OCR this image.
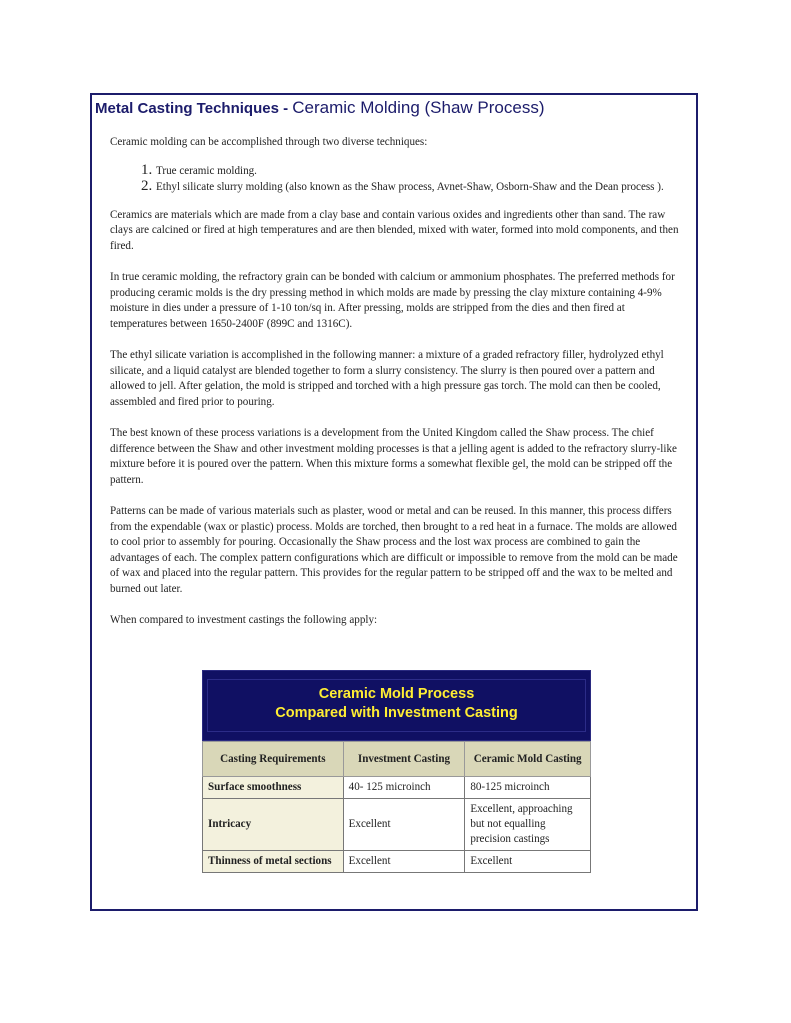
Metal Casting Techniques - Ceramic Molding (Shaw Process)

Ceramic molding can be accomplished through two diverse techniques:

1. True ceramic molding.
2. Ethyl silicate slurry molding (also known as the Shaw process, Avnet-Shaw, Osborn-Shaw and the Dean process ).

Ceramics are materials which are made from a clay base and contain various oxides and ingredients other than sand. The raw clays are calcined or fired at high temperatures and are then blended, mixed with water, formed into mold components, and then fired.

In true ceramic molding, the refractory grain can be bonded with calcium or ammonium phosphates. The preferred methods for producing ceramic molds is the dry pressing method in which molds are made by pressing the clay mixture containing 4-9% moisture in dies under a pressure of 1-10 ton/sq in. After pressing, molds are stripped from the dies and then fired at temperatures between 1650-2400F (899C and 1316C).

The ethyl silicate variation is accomplished in the following manner: a mixture of a graded refractory filler, hydrolyzed ethyl silicate, and a liquid catalyst are blended together to form a slurry consistency. The slurry is then poured over a pattern and allowed to jell. After gelation, the mold is stripped and torched with a high pressure gas torch. The mold can then be cooled, assembled and fired prior to pouring.

The best known of these process variations is a development from the United Kingdom called the Shaw process. The chief difference between the Shaw and other investment molding processes is that a jelling agent is added to the refractory slurry-like mixture before it is poured over the pattern. When this mixture forms a somewhat flexible gel, the mold can be stripped off the pattern.

Patterns can be made of various materials such as plaster, wood or metal and can be reused. In this manner, this process differs from the expendable (wax or plastic) process. Molds are torched, then brought to a red heat in a furnace. The molds are allowed to cool prior to assembly for pouring. Occasionally the Shaw process and the lost wax process are combined to gain the advantages of each. The complex pattern configurations which are difficult or impossible to remove from the mold can be made of wax and placed into the regular pattern. This provides for the regular pattern to be stripped off and the wax to be melted and burned out later.

When compared to investment castings the following apply:

Ceramic Mold Process
Compared with Investment Casting
Casting Requirements	Investment Casting	Ceramic Mold Casting
Surface smoothness	40- 125 microinch	80-125 microinch
Intricacy	Excellent	Excellent, approaching but not equalling precision castings
Thinness of metal sections	Excellent	Excellent
